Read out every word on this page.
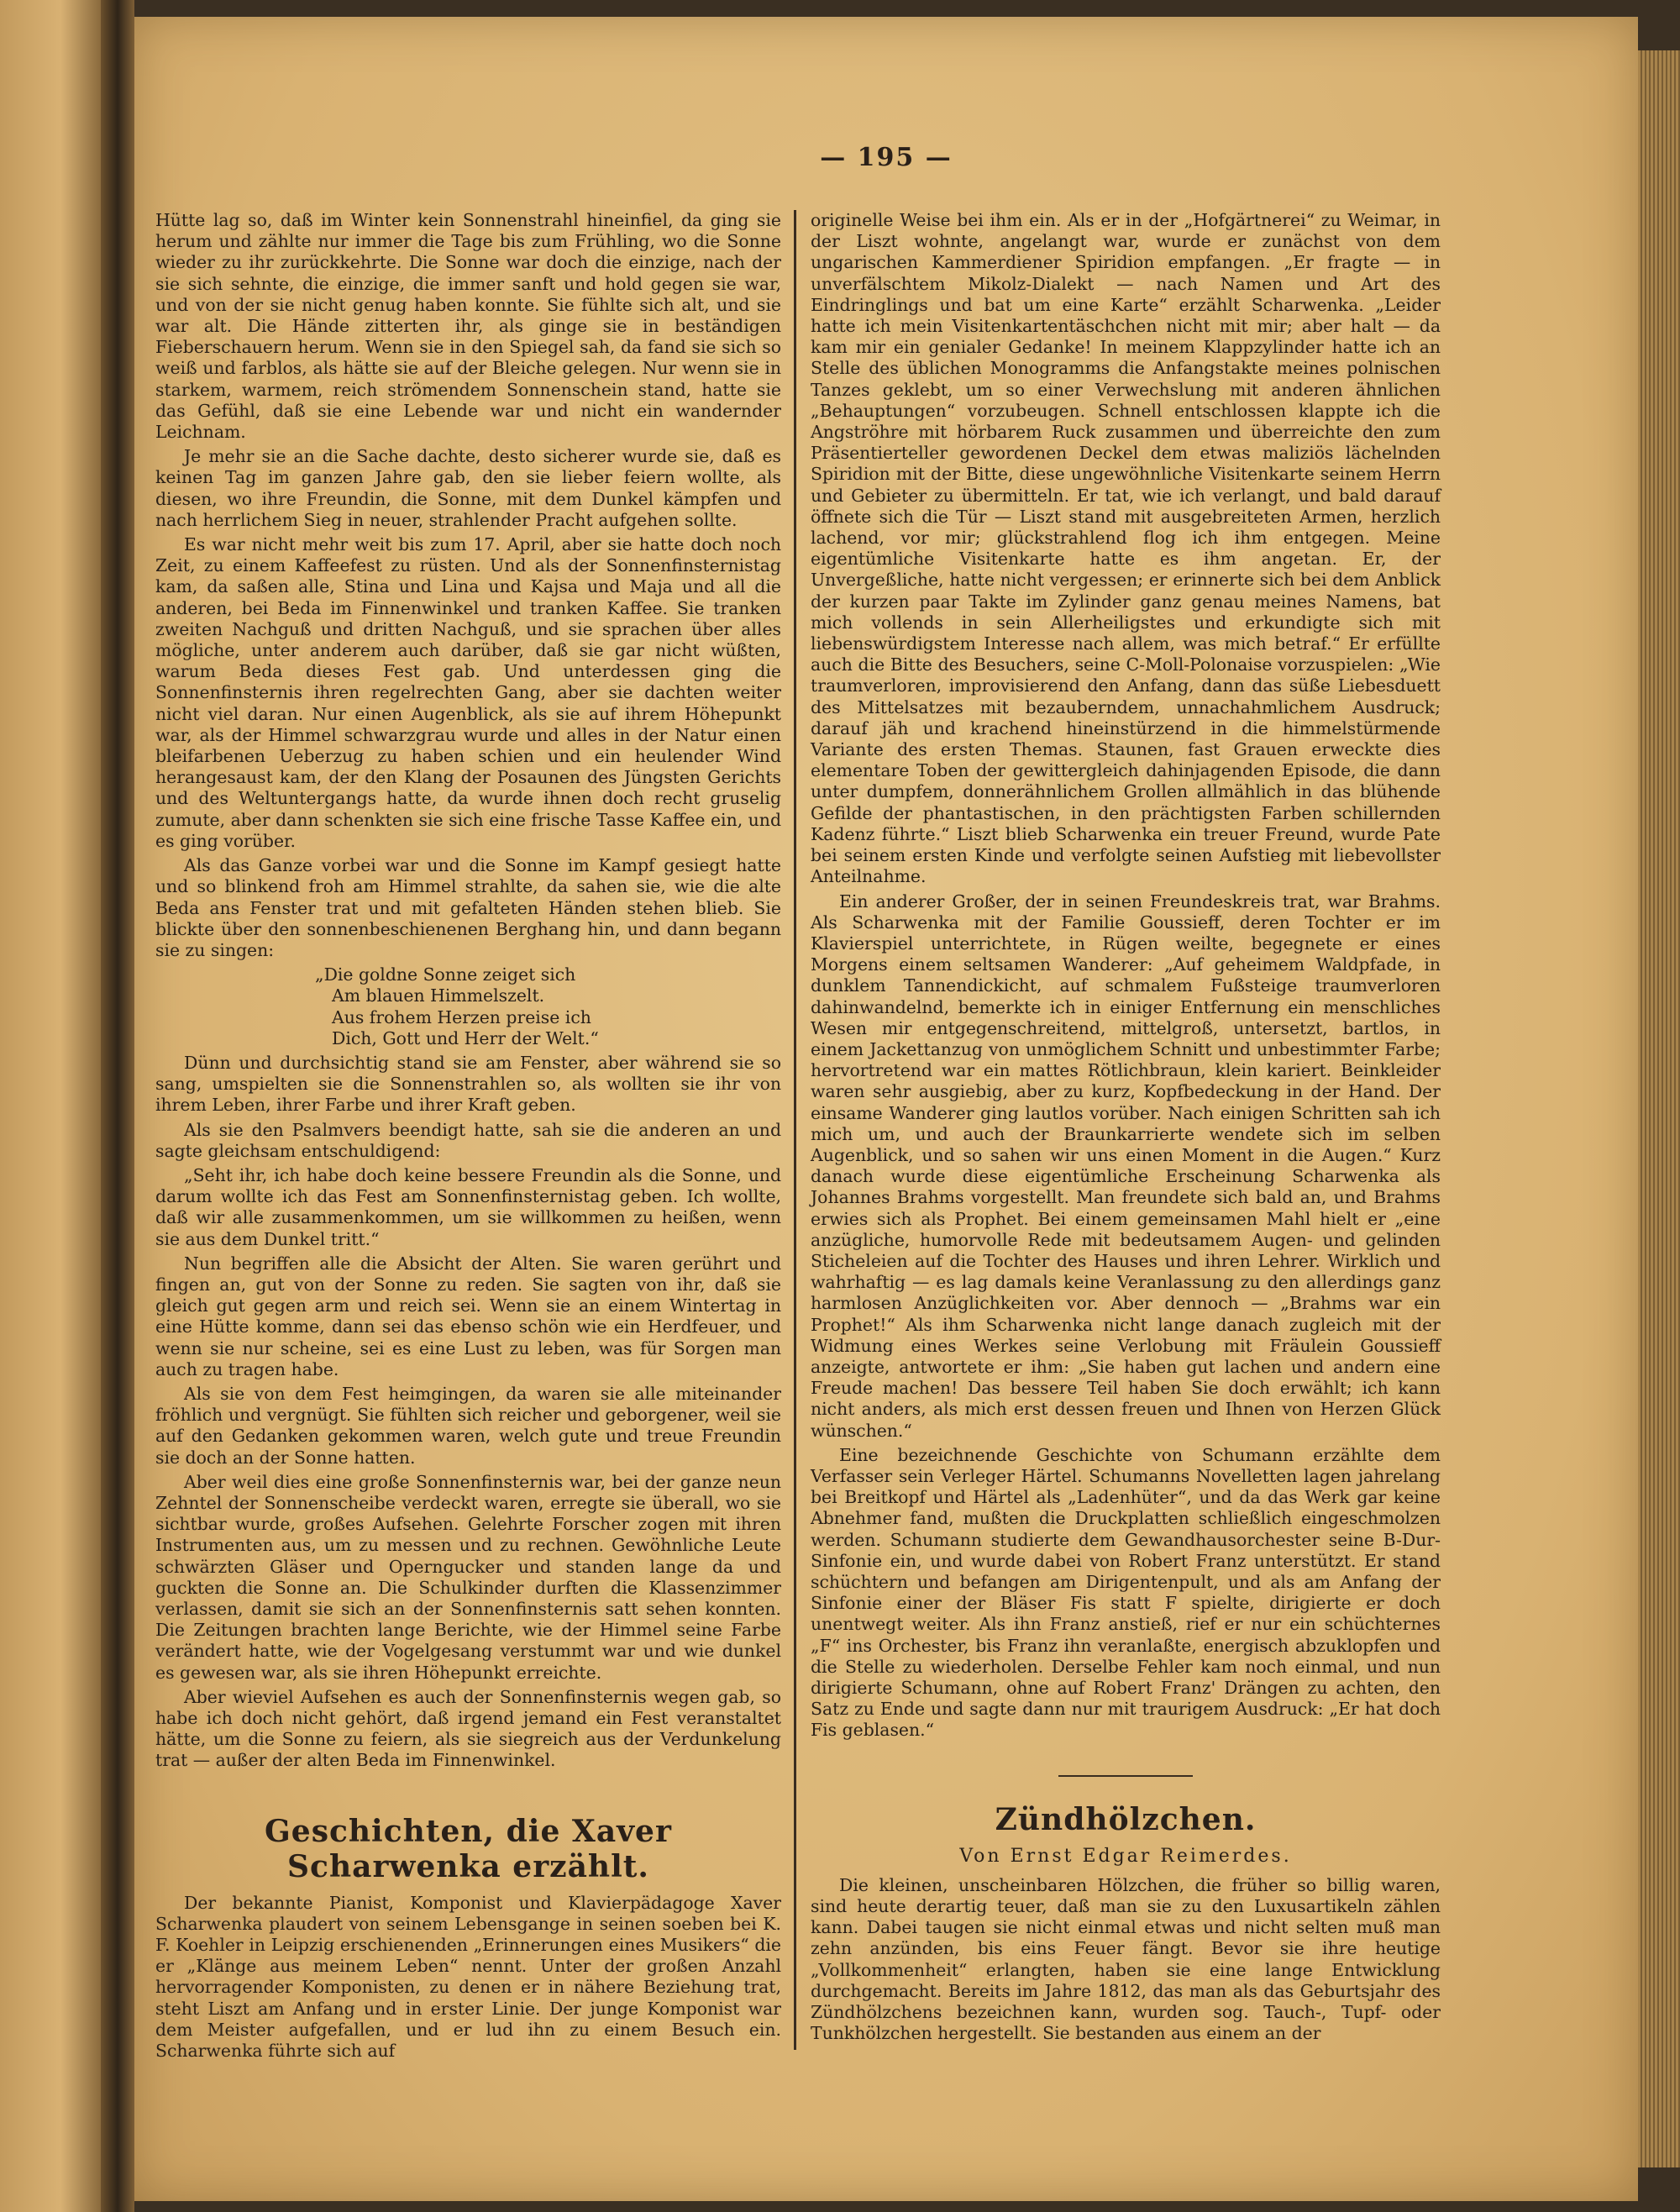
— 195 —

Hütte lag so, daß im Winter kein Sonnenstrahl hineinfiel, da ging sie herum und zählte nur immer die Tage bis zum Frühling, wo die Sonne wieder zu ihr zurückkehrte. Die Sonne war doch die einzige, nach der sie sich sehnte, die einzige, die immer sanft und hold gegen sie war, und von der sie nicht genug haben konnte. Sie fühlte sich alt, und sie war alt. Die Hände zitterten ihr, als ginge sie in beständigen Fieberschauern herum. Wenn sie in den Spiegel sah, da fand sie sich so weiß und farblos, als hätte sie auf der Bleiche gelegen. Nur wenn sie in starkem, warmem, reich strömendem Sonnenschein stand, hatte sie das Gefühl, daß sie eine Lebende war und nicht ein wandernder Leichnam.

Je mehr sie an die Sache dachte, desto sicherer wurde sie, daß es keinen Tag im ganzen Jahre gab, den sie lieber feiern wollte, als diesen, wo ihre Freundin, die Sonne, mit dem Dunkel kämpfen und nach herrlichem Sieg in neuer, strahlender Pracht aufgehen sollte.

Es war nicht mehr weit bis zum 17. April, aber sie hatte doch noch Zeit, zu einem Kaffeefest zu rüsten. Und als der Sonnenfinsternistag kam, da saßen alle, Stina und Lina und Kajsa und Maja und all die anderen, bei Beda im Finnenwinkel und tranken Kaffee. Sie tranken zweiten Nachguß und dritten Nachguß, und sie sprachen über alles mögliche, unter anderem auch darüber, daß sie gar nicht wüßten, warum Beda dieses Fest gab. Und unterdessen ging die Sonnenfinsternis ihren regelrechten Gang, aber sie dachten weiter nicht viel daran. Nur einen Augenblick, als sie auf ihrem Höhepunkt war, als der Himmel schwarzgrau wurde und alles in der Natur einen bleifarbenen Ueberzug zu haben schien und ein heulender Wind herangesaust kam, der den Klang der Posaunen des Jüngsten Gerichts und des Weltuntergangs hatte, da wurde ihnen doch recht gruselig zumute, aber dann schenkten sie sich eine frische Tasse Kaffee ein, und es ging vorüber.

Als das Ganze vorbei war und die Sonne im Kampf gesiegt hatte und so blinkend froh am Himmel strahlte, da sahen sie, wie die alte Beda ans Fenster trat und mit gefalteten Händen stehen blieb. Sie blickte über den sonnenbeschienenen Berghang hin, und dann begann sie zu singen:

„Die goldne Sonne zeiget sich
Am blauen Himmelszelt.
Aus frohem Herzen preise ich
Dich, Gott und Herr der Welt.“

Dünn und durchsichtig stand sie am Fenster, aber während sie so sang, umspielten sie die Sonnenstrahlen so, als wollten sie ihr von ihrem Leben, ihrer Farbe und ihrer Kraft geben.

Als sie den Psalmvers beendigt hatte, sah sie die anderen an und sagte gleichsam entschuldigend:

„Seht ihr, ich habe doch keine bessere Freundin als die Sonne, und darum wollte ich das Fest am Sonnenfinsternistag geben. Ich wollte, daß wir alle zusammenkommen, um sie willkommen zu heißen, wenn sie aus dem Dunkel tritt.“

Nun begriffen alle die Absicht der Alten. Sie waren gerührt und fingen an, gut von der Sonne zu reden. Sie sagten von ihr, daß sie gleich gut gegen arm und reich sei. Wenn sie an einem Wintertag in eine Hütte komme, dann sei das ebenso schön wie ein Herdfeuer, und wenn sie nur scheine, sei es eine Lust zu leben, was für Sorgen man auch zu tragen habe.

Als sie von dem Fest heimgingen, da waren sie alle miteinander fröhlich und vergnügt. Sie fühlten sich reicher und geborgener, weil sie auf den Gedanken gekommen waren, welch gute und treue Freundin sie doch an der Sonne hatten.

Aber weil dies eine große Sonnenfinsternis war, bei der ganze neun Zehntel der Sonnenscheibe verdeckt waren, erregte sie überall, wo sie sichtbar wurde, großes Aufsehen. Gelehrte Forscher zogen mit ihren Instrumenten aus, um zu messen und zu rechnen. Gewöhnliche Leute schwärzten Gläser und Operngucker und standen lange da und guckten die Sonne an. Die Schulkinder durften die Klassenzimmer verlassen, damit sie sich an der Sonnenfinsternis satt sehen konnten. Die Zeitungen brachten lange Berichte, wie der Himmel seine Farbe verändert hatte, wie der Vogelgesang verstummt war und wie dunkel es gewesen war, als sie ihren Höhepunkt erreichte.

Aber wieviel Aufsehen es auch der Sonnenfinsternis wegen gab, so habe ich doch nicht gehört, daß irgend jemand ein Fest veranstaltet hätte, um die Sonne zu feiern, als sie siegreich aus der Verdunkelung trat — außer der alten Beda im Finnenwinkel.

Geschichten, die Xaver Scharwenka erzählt.

Der bekannte Pianist, Komponist und Klavierpädagoge Xaver Scharwenka plaudert von seinem Lebensgange in seinen soeben bei K. F. Koehler in Leipzig erschienenden „Erinnerungen eines Musikers“ die er „Klänge aus meinem Leben“ nennt. Unter der großen Anzahl hervorragender Komponisten, zu denen er in nähere Beziehung trat, steht Liszt am Anfang und in erster Linie. Der junge Komponist war dem Meister aufgefallen, und er lud ihn zu einem Besuch ein. Scharwenka führte sich auf

originelle Weise bei ihm ein. Als er in der „Hofgärtnerei“ zu Weimar, in der Liszt wohnte, angelangt war, wurde er zunächst von dem ungarischen Kammerdiener Spiridion empfangen. „Er fragte — in unverfälschtem Mikolz-Dialekt — nach Namen und Art des Eindringlings und bat um eine Karte“ erzählt Scharwenka. „Leider hatte ich mein Visitenkartentäschchen nicht mit mir; aber halt — da kam mir ein genialer Gedanke! In meinem Klappzylinder hatte ich an Stelle des üblichen Monogramms die Anfangstakte meines polnischen Tanzes geklebt, um so einer Verwechslung mit anderen ähnlichen „Behauptungen“ vorzubeugen. Schnell entschlossen klappte ich die Angströhre mit hörbarem Ruck zusammen und überreichte den zum Präsentierteller gewordenen Deckel dem etwas maliziös lächelnden Spiridion mit der Bitte, diese ungewöhnliche Visitenkarte seinem Herrn und Gebieter zu übermitteln. Er tat, wie ich verlangt, und bald darauf öffnete sich die Tür — Liszt stand mit ausgebreiteten Armen, herzlich lachend, vor mir; glückstrahlend flog ich ihm entgegen. Meine eigentümliche Visitenkarte hatte es ihm angetan. Er, der Unvergeßliche, hatte nicht vergessen; er erinnerte sich bei dem Anblick der kurzen paar Takte im Zylinder ganz genau meines Namens, bat mich vollends in sein Allerheiligstes und erkundigte sich mit liebenswürdigstem Interesse nach allem, was mich betraf.“ Er erfüllte auch die Bitte des Besuchers, seine C-Moll-Polonaise vorzuspielen: „Wie traumverloren, improvisierend den Anfang, dann das süße Liebesduett des Mittelsatzes mit bezauberndem, unnachahmlichem Ausdruck; darauf jäh und krachend hineinstürzend in die himmelstürmende Variante des ersten Themas. Staunen, fast Grauen erweckte dies elementare Toben der gewittergleich dahinjagenden Episode, die dann unter dumpfem, donnerähnlichem Grollen allmählich in das blühende Gefilde der phantastischen, in den prächtigsten Farben schillernden Kadenz führte.“ Liszt blieb Scharwenka ein treuer Freund, wurde Pate bei seinem ersten Kinde und verfolgte seinen Aufstieg mit liebevollster Anteilnahme.

Ein anderer Großer, der in seinen Freundeskreis trat, war Brahms. Als Scharwenka mit der Familie Goussieff, deren Tochter er im Klavierspiel unterrichtete, in Rügen weilte, begegnete er eines Morgens einem seltsamen Wanderer: „Auf geheimem Waldpfade, in dunklem Tannendickicht, auf schmalem Fußsteige traumverloren dahinwandelnd, bemerkte ich in einiger Entfernung ein menschliches Wesen mir entgegenschreitend, mittelgroß, untersetzt, bartlos, in einem Jackettanzug von unmöglichem Schnitt und unbestimmter Farbe; hervortretend war ein mattes Rötlichbraun, klein kariert. Beinkleider waren sehr ausgiebig, aber zu kurz, Kopfbedeckung in der Hand. Der einsame Wanderer ging lautlos vorüber. Nach einigen Schritten sah ich mich um, und auch der Braunkarrierte wendete sich im selben Augenblick, und so sahen wir uns einen Moment in die Augen.“ Kurz danach wurde diese eigentümliche Erscheinung Scharwenka als Johannes Brahms vorgestellt. Man freundete sich bald an, und Brahms erwies sich als Prophet. Bei einem gemeinsamen Mahl hielt er „eine anzügliche, humorvolle Rede mit bedeutsamem Augen- und gelinden Sticheleien auf die Tochter des Hauses und ihren Lehrer. Wirklich und wahrhaftig — es lag damals keine Veranlassung zu den allerdings ganz harmlosen Anzüglichkeiten vor. Aber dennoch — „Brahms war ein Prophet!“ Als ihm Scharwenka nicht lange danach zugleich mit der Widmung eines Werkes seine Verlobung mit Fräulein Goussieff anzeigte, antwortete er ihm: „Sie haben gut lachen und andern eine Freude machen! Das bessere Teil haben Sie doch erwählt; ich kann nicht anders, als mich erst dessen freuen und Ihnen von Herzen Glück wünschen.“

Eine bezeichnende Geschichte von Schumann erzählte dem Verfasser sein Verleger Härtel. Schumanns Novelletten lagen jahrelang bei Breitkopf und Härtel als „Ladenhüter“, und da das Werk gar keine Abnehmer fand, mußten die Druckplatten schließlich eingeschmolzen werden. Schumann studierte dem Gewandhausorchester seine B-Dur-Sinfonie ein, und wurde dabei von Robert Franz unterstützt. Er stand schüchtern und befangen am Dirigentenpult, und als am Anfang der Sinfonie einer der Bläser Fis statt F spielte, dirigierte er doch unentwegt weiter. Als ihn Franz anstieß, rief er nur ein schüchternes „F“ ins Orchester, bis Franz ihn veranlaßte, energisch abzuklopfen und die Stelle zu wiederholen. Derselbe Fehler kam noch einmal, und nun dirigierte Schumann, ohne auf Robert Franz' Drängen zu achten, den Satz zu Ende und sagte dann nur mit traurigem Ausdruck: „Er hat doch Fis geblasen.“

Zündhölzchen.
Von Ernst Edgar Reimerdes.

Die kleinen, unscheinbaren Hölzchen, die früher so billig waren, sind heute derartig teuer, daß man sie zu den Luxusartikeln zählen kann. Dabei taugen sie nicht einmal etwas und nicht selten muß man zehn anzünden, bis eins Feuer fängt. Bevor sie ihre heutige „Vollkommenheit“ erlangten, haben sie eine lange Entwicklung durchgemacht. Bereits im Jahre 1812, das man als das Geburtsjahr des Zündhölzchens bezeichnen kann, wurden sog. Tauch-, Tupf- oder Tunkhölzchen hergestellt. Sie bestanden aus einem an der
